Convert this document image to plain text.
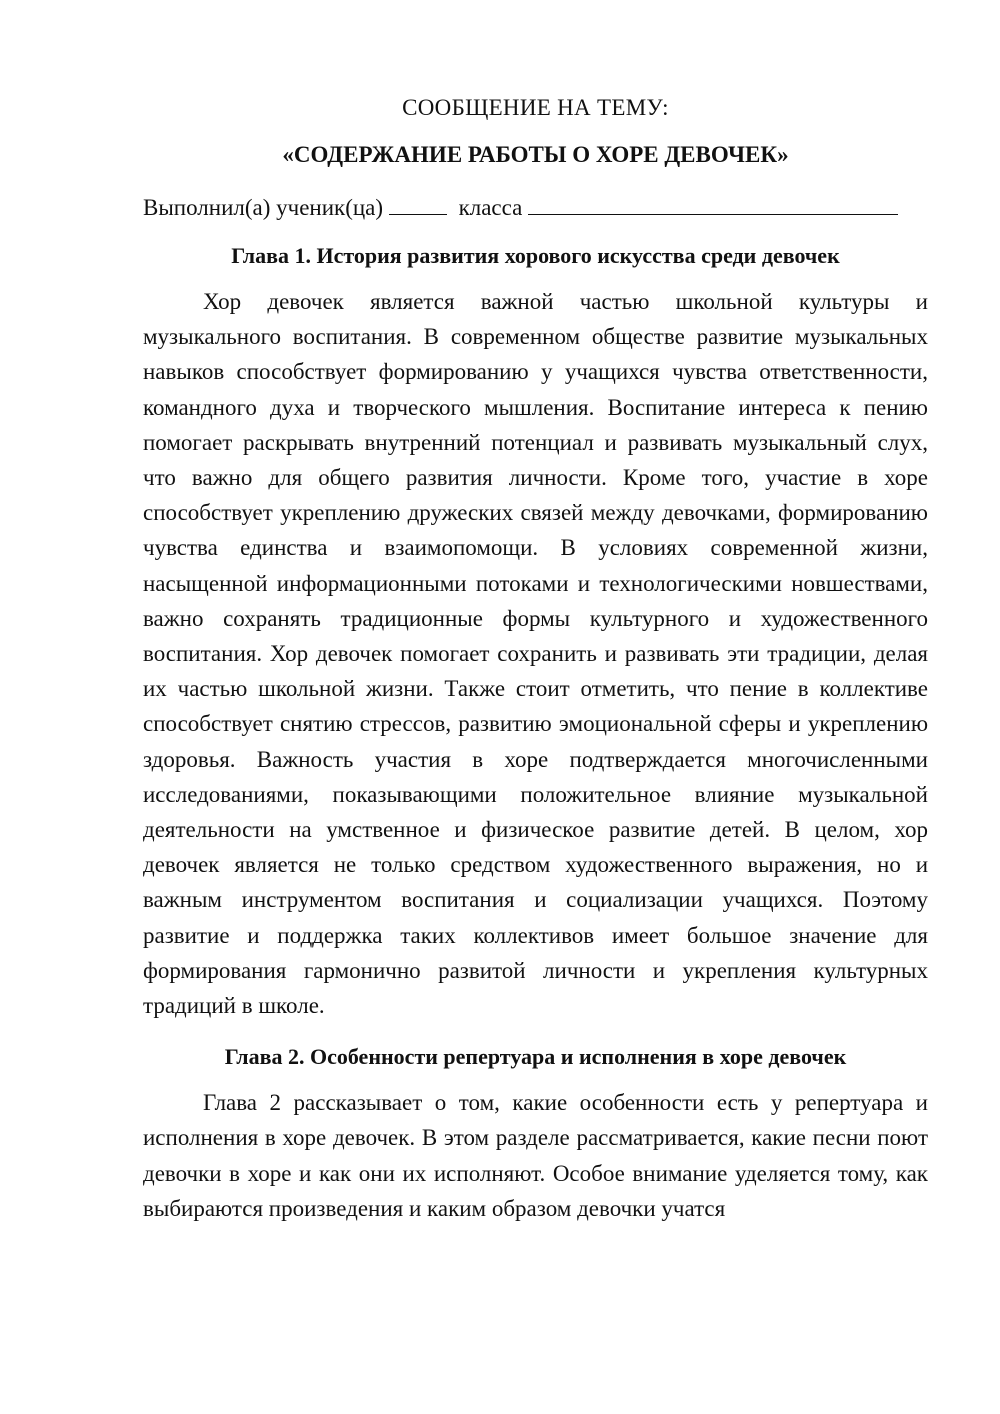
СООБЩЕНИЕ НА ТЕМУ:

«СОДЕРЖАНИЕ РАБОТЫ О ХОРЕ ДЕВОЧЕК»

Выполнил(а) ученик(ца)	класса

Глава 1. История развития хорового искусства среди девочек

Хор девочек является важной частью школьной культуры и музыкального воспитания. В современном обществе развитие музыкальных навыков способствует формированию у учащихся чувства ответственности, командного духа и творческого мышления. Воспитание интереса к пению помогает раскрывать внутренний потенциал и развивать музыкальный слух, что важно для общего развития личности. Кроме того, участие в хоре способствует укреплению дружеских связей между девочками, формированию чувства единства и взаимопомощи. В условиях современной жизни, насыщенной информационными потоками и технологическими новшествами, важно сохранять традиционные формы культурного и художественного воспитания. Хор девочек помогает сохранить и развивать эти традиции, делая их частью школьной жизни. Также стоит отметить, что пение в коллективе способствует снятию стрессов, развитию эмоциональной сферы и укреплению здоровья. Важность участия в хоре подтверждается многочисленными исследованиями, показывающими положительное влияние музыкальной деятельности на умственное и физическое развитие детей. В целом, хор девочек является не только средством художественного выражения, но и важным инструментом воспитания и социализации учащихся. Поэтому развитие и поддержка таких коллективов имеет большое значение для формирования гармонично развитой личности и укрепления культурных традиций в школе.

Глава 2. Особенности репертуара и исполнения в хоре девочек

Глава 2 рассказывает о том, какие особенности есть у репертуара и исполнения в хоре девочек. В этом разделе рассматривается, какие песни поют девочки в хоре и как они их исполняют. Особое внимание уделяется тому, как выбираются произведения и каким образом девочки учатся
